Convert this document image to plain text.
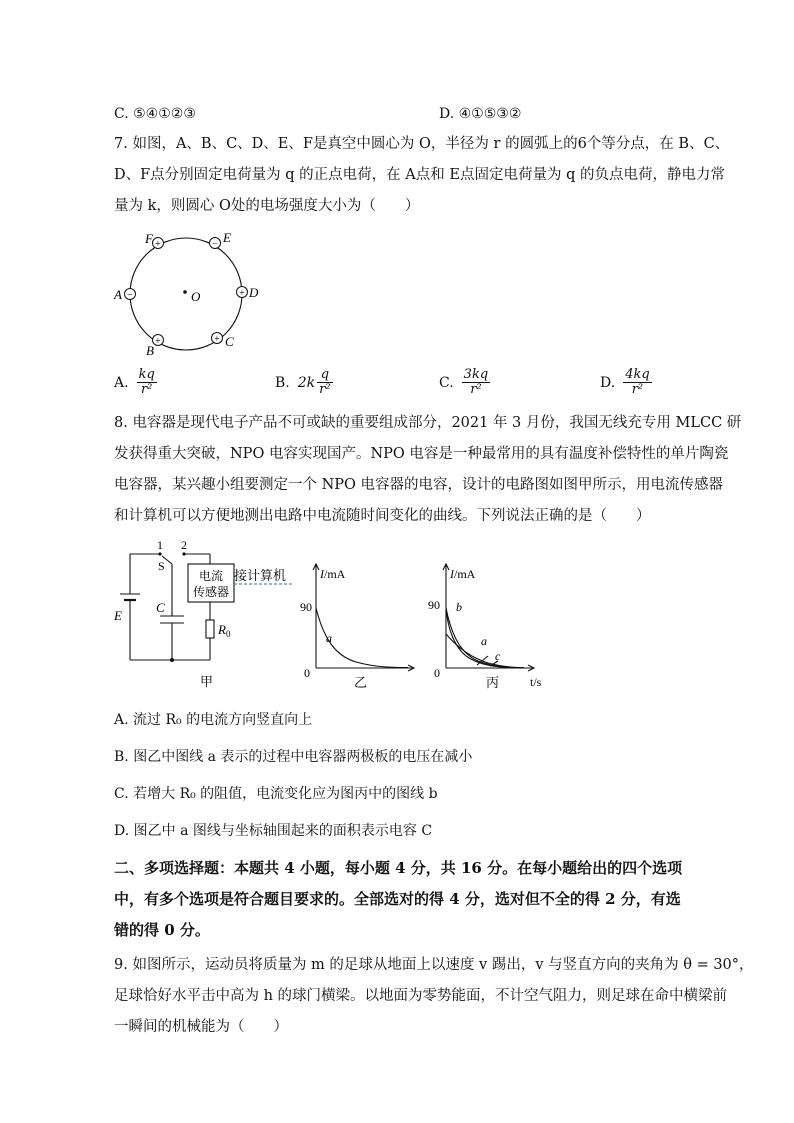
C. ⑤④①②③	D. ④①⑤③②
7. 如图，A、B、C、D、E、F是真空中圆心为 O，半径为 r 的圆弧上的6个等分点，在 B、C、
D、F点分别固定电荷量为 q 的正点电荷，在 A点和 E点固定电荷量为 q 的负点电荷，静电力常
量为 k，则圆心 O处的电场强度大小为（　　）
O
+
F	− E
−
A	+ D
+
B
+ C
A. $\frac{kq}{\text{r²}}$	B. $2k \frac{q}{\text{r²}}$	C. $\frac{3kq}{\text{r²}}$	D. $\frac{4kq}{\text{r²}}$
8. 电容器是现代电子产品不可或缺的重要组成部分，2021 年 3 月份，我国无线充专用 MLCC 研
发获得重大突破，NPO 电容实现国产。NPO 电容是一种最常用的具有温度补偿特性的单片陶瓷
电容器，某兴趣小组要测定一个 NPO 电容器的电容，设计的电路图如图甲所示，用电流传感器
和计算机可以方便地测出电路中电流随时间变化的曲线。下列说法正确的是（　　）
1 2
S
E
C
$R_0$
电流
传感器
接计算机
甲
I/mA
90
0
a
乙
I/mA
90
0
b
a
c
t/s
丙
A. 流过 R₀ 的电流方向竖直向上
B. 图乙中图线 a 表示的过程中电容器两极板的电压在减小
C. 若增大 R₀ 的阻值，电流变化应为图丙中的图线 b
D. 图乙中 a 图线与坐标轴围起来的面积表示电容 C
二、多项选择题：本题共 4 小题，每小题 4 分，共 16 分。在每小题给出的四个选项
中，有多个选项是符合题目要求的。全部选对的得 4 分，选对但不全的得 2 分，有选
错的得 0 分。
9. 如图所示，运动员将质量为 m 的足球从地面上以速度 v 踢出，v 与竖直方向的夹角为 θ = 30°，
足球恰好水平击中高为 h 的球门横梁。以地面为零势能面，不计空气阻力，则足球在命中横梁前
一瞬间的机械能为（　　）
